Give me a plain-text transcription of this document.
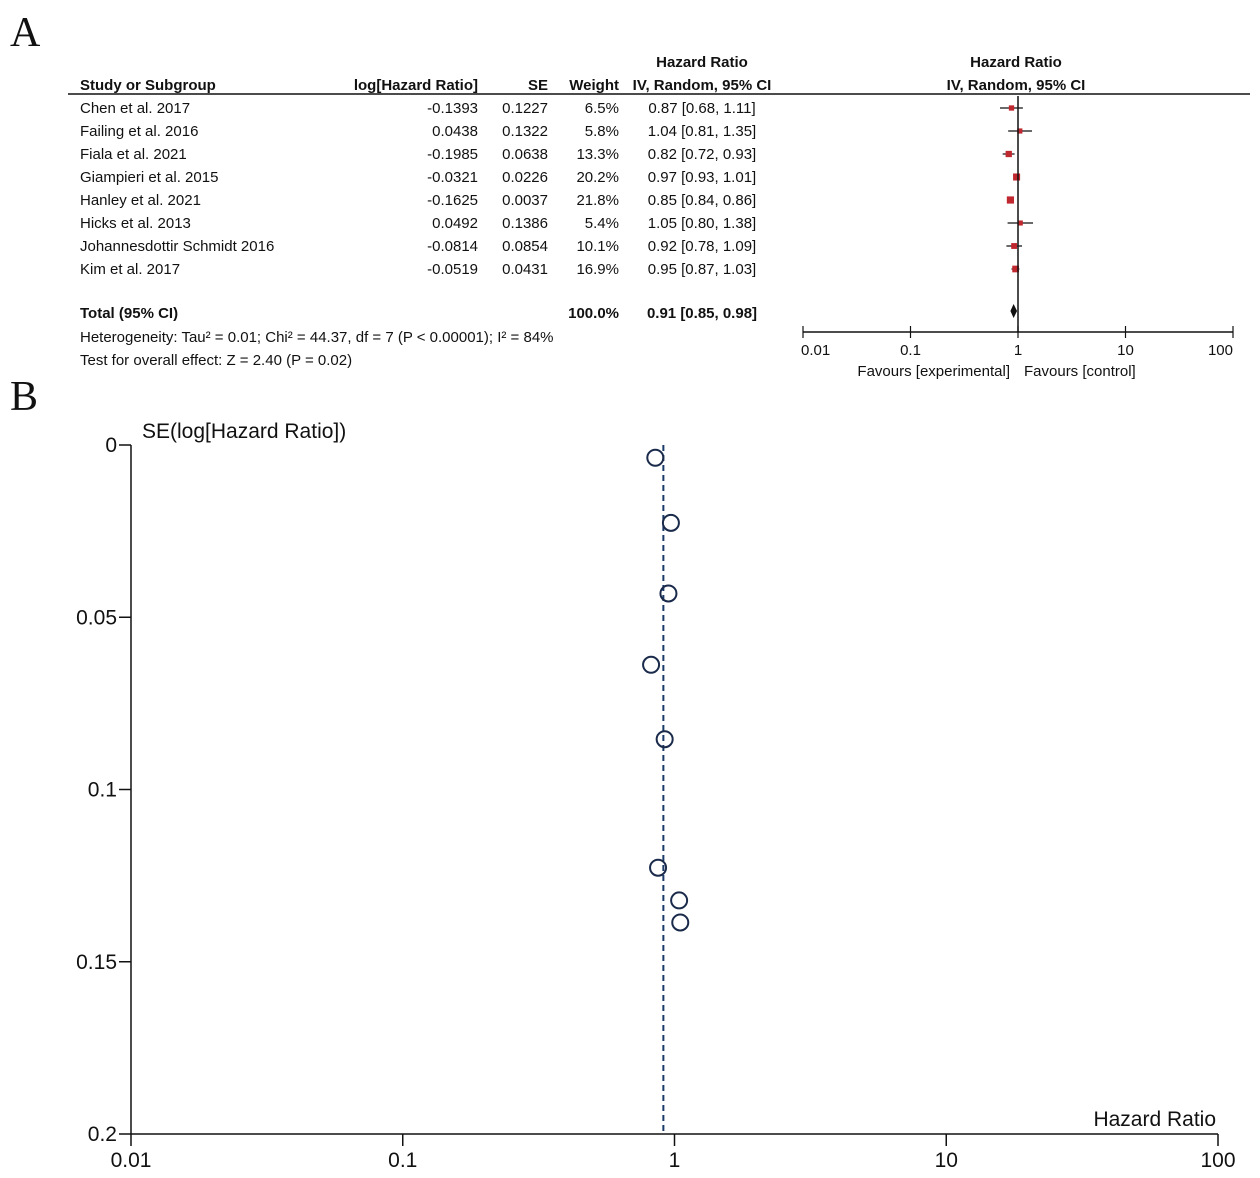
A
B
Hazard Ratio	Hazard Ratio
Study or Subgroup	log[Hazard Ratio]	SE Weight IV, Random, 95% CI	IV, Random, 95% CI
Chen et al. 2017	-0.1393 0.1227 6.5% 0.87 [0.68, 1.11]
Failing et al. 2016	0.0438 0.1322 5.8% 1.04 [0.81, 1.35]
Fiala et al. 2021	-0.1985 0.0638 13.3% 0.82 [0.72, 0.93]
Giampieri et al. 2015	-0.0321 0.0226 20.2% 0.97 [0.93, 1.01]
Hanley et al. 2021	-0.1625 0.0037 21.8% 0.85 [0.84, 0.86]
Hicks et al. 2013	0.0492 0.1386 5.4% 1.05 [0.80, 1.38]
Johannesdottir Schmidt 2016	-0.0814 0.0854 10.1% 0.92 [0.78, 1.09]
Kim et al. 2017	-0.0519 0.0431 16.9% 0.95 [0.87, 1.03]
Total (95% CI)	100.0% 0.91 [0.85, 0.98]
Heterogeneity: Tau² = 0.01; Chi² = 44.37, df = 7 (P < 0.00001); I² = 84%
Test for overall effect: Z = 2.40 (P = 0.02)
0.01	0.1	1	10	100
Favours [experimental] Favours [control]
SE(log[Hazard Ratio])
Hazard Ratio
0
0.05
0.1
0.15
0.2
0.01	0.1	1	10	100
